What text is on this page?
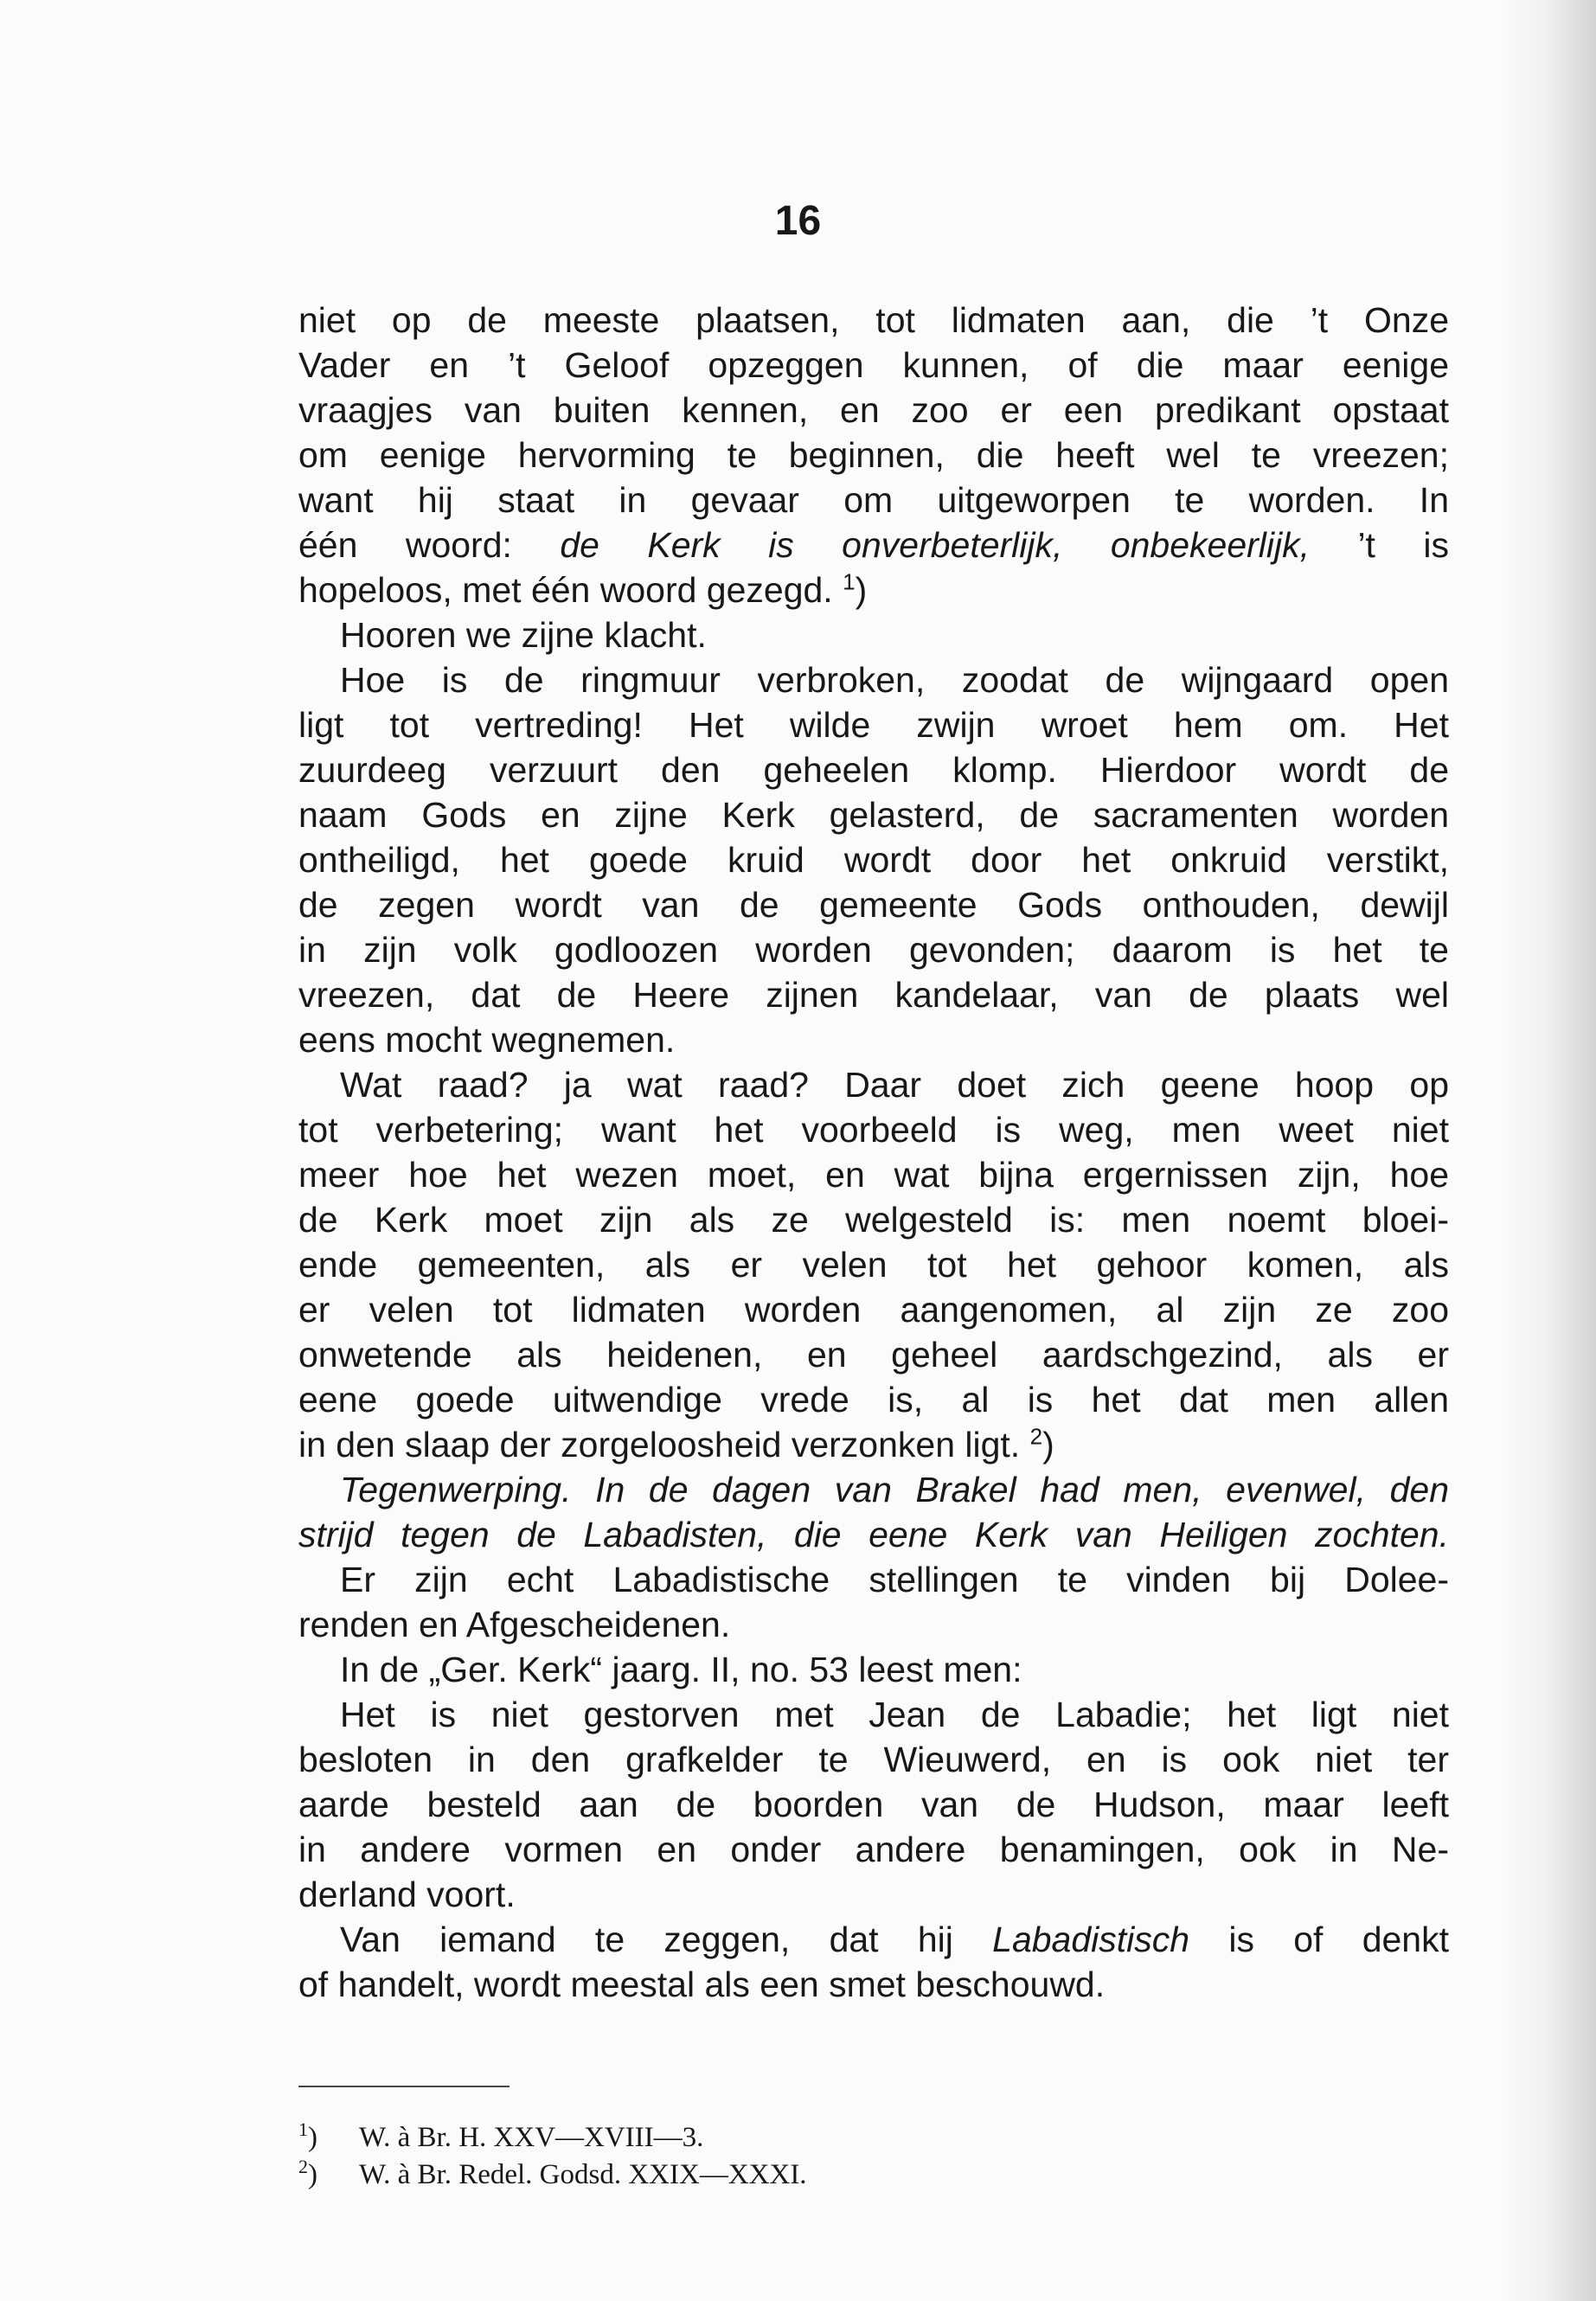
16
niet op de meeste plaatsen, tot lidmaten aan, die ’t Onze
Vader en ’t Geloof opzeggen kunnen, of die maar eenige
vraagjes van buiten kennen, en zoo er een predikant opstaat
om eenige hervorming te beginnen, die heeft wel te vreezen;
want hij staat in gevaar om uitgeworpen te worden. In
één woord: de Kerk is onverbeterlijk, onbekeerlijk, ’t is
hopeloos, met één woord gezegd. $^1$)
Hooren we zijne klacht.
Hoe is de ringmuur verbroken, zoodat de wijngaard open
ligt tot vertreding! Het wilde zwijn wroet hem om. Het
zuurdeeg verzuurt den geheelen klomp. Hierdoor wordt de
naam Gods en zijne Kerk gelasterd, de sacramenten worden
ontheiligd, het goede kruid wordt door het onkruid verstikt,
de zegen wordt van de gemeente Gods onthouden, dewijl
in zijn volk godloozen worden gevonden; daarom is het te
vreezen, dat de Heere zijnen kandelaar, van de plaats wel
eens mocht wegnemen.
Wat raad? ja wat raad? Daar doet zich geene hoop op
tot verbetering; want het voorbeeld is weg, men weet niet
meer hoe het wezen moet, en wat bijna ergernissen zijn, hoe
de Kerk moet zijn als ze welgesteld is: men noemt bloei-
ende gemeenten, als er velen tot het gehoor komen, als
er velen tot lidmaten worden aangenomen, al zijn ze zoo
onwetende als heidenen, en geheel aardschgezind, als er
eene goede uitwendige vrede is, al is het dat men allen
in den slaap der zorgeloosheid verzonken ligt. $^2$)
Tegenwerping. In de dagen van Brakel had men, evenwel, den
strijd tegen de Labadisten, die eene Kerk van Heiligen zochten.
Er zijn echt Labadistische stellingen te vinden bij Dolee-
renden en Afgescheidenen.
In de „Ger. Kerk“ jaarg. II, no. 53 leest men:
Het is niet gestorven met Jean de Labadie; het ligt niet
besloten in den grafkelder te Wieuwerd, en is ook niet ter
aarde besteld aan de boorden van de Hudson, maar leeft
in andere vormen en onder andere benamingen, ook in Ne-
derland voort.
Van iemand te zeggen, dat hij Labadistisch is of denkt
of handelt, wordt meestal als een smet beschouwd.
$^1$) W. à Br. H. XXV—XVIII—3.
$^2$) W. à Br. Redel. Godsd. XXIX—XXXI.
